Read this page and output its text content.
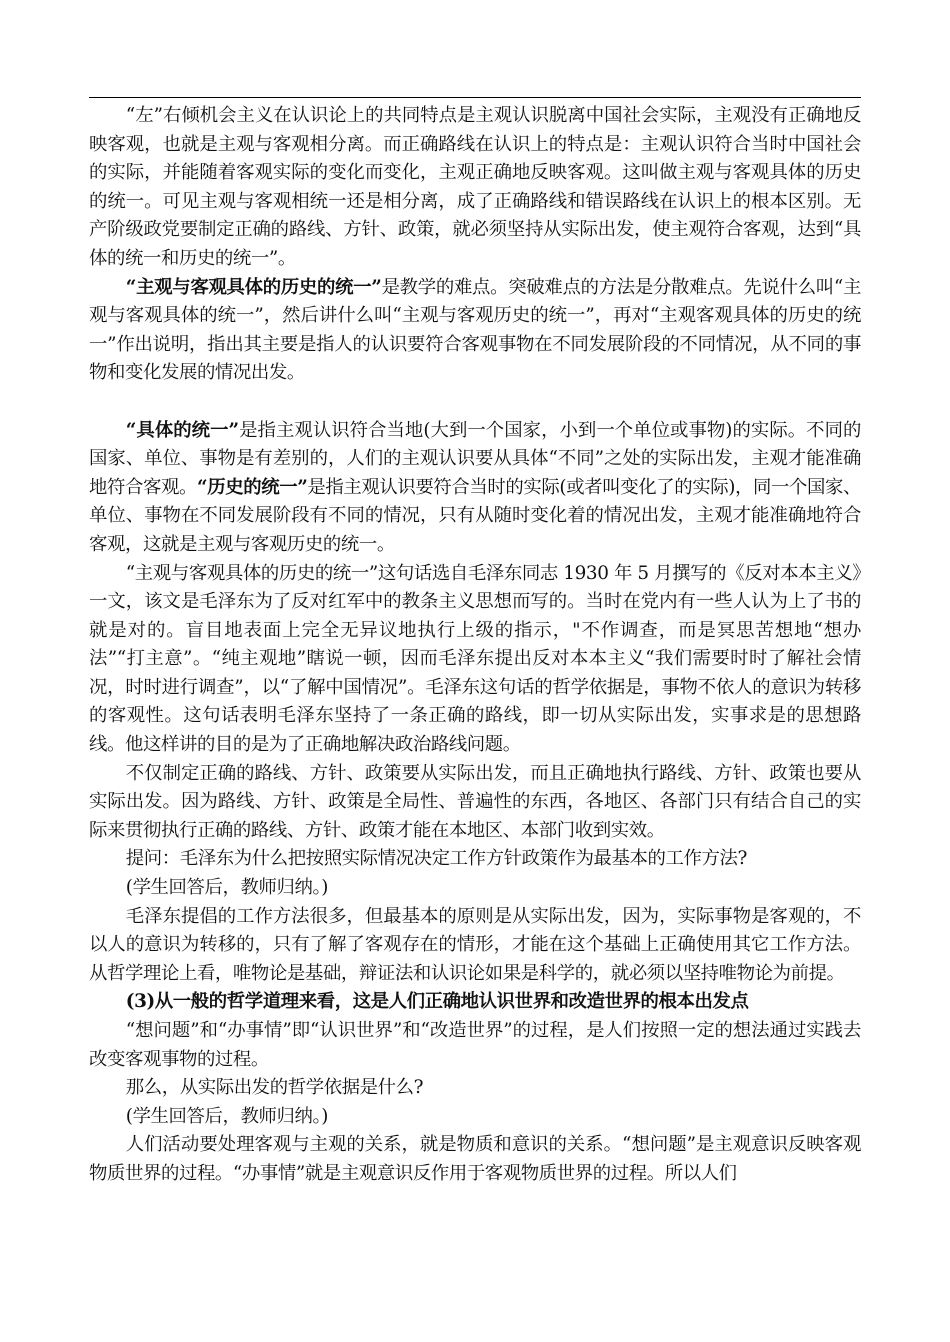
“左”右倾机会主义在认识论上的共同特点是主观认识脱离中国社会实际，主观没有正确地反映客观，也就是主观与客观相分离。而正确路线在认识上的特点是：主观认识符合当时中国社会的实际，并能随着客观实际的变化而变化，主观正确地反映客观。这叫做主观与客观具体的历史的统一。可见主观与客观相统一还是相分离，成了正确路线和错误路线在认识上的根本区别。无产阶级政党要制定正确的路线、方针、政策，就必须坚持从实际出发，使主观符合客观，达到“具体的统一和历史的统一”。

“主观与客观具体的历史的统一”是教学的难点。突破难点的方法是分散难点。先说什么叫“主观与客观具体的统一”，然后讲什么叫“主观与客观历史的统一”，再对“主观客观具体的历史的统一”作出说明，指出其主要是指人的认识要符合客观事物在不同发展阶段的不同情况，从不同的事物和变化发展的情况出发。

“具体的统一”是指主观认识符合当地(大到一个国家，小到一个单位或事物)的实际。不同的国家、单位、事物是有差别的，人们的主观认识要从具体“不同”之处的实际出发，主观才能准确地符合客观。“历史的统一”是指主观认识要符合当时的实际(或者叫变化了的实际)，同一个国家、单位、事物在不同发展阶段有不同的情况，只有从随时变化着的情况出发，主观才能准确地符合客观，这就是主观与客观历史的统一。

“主观与客观具体的历史的统一”这句话选自毛泽东同志 1930 年 5 月撰写的《反对本本主义》一文，该文是毛泽东为了反对红军中的教条主义思想而写的。当时在党内有一些人认为上了书的就是对的。盲目地表面上完全无异议地执行上级的指示，"不作调查，而是冥思苦想地“想办法”“打主意”。“纯主观地”瞎说一顿，因而毛泽东提出反对本本主义“我们需要时时了解社会情况，时时进行调查”，以“了解中国情况”。毛泽东这句话的哲学依据是，事物不依人的意识为转移的客观性。这句话表明毛泽东坚持了一条正确的路线，即一切从实际出发，实事求是的思想路线。他这样讲的目的是为了正确地解决政治路线问题。

不仅制定正确的路线、方针、政策要从实际出发，而且正确地执行路线、方针、政策也要从实际出发。因为路线、方针、政策是全局性、普遍性的东西，各地区、各部门只有结合自己的实际来贯彻执行正确的路线、方针、政策才能在本地区、本部门收到实效。

提问：毛泽东为什么把按照实际情况决定工作方针政策作为最基本的工作方法?

(学生回答后，教师归纳。)

毛泽东提倡的工作方法很多，但最基本的原则是从实际出发，因为，实际事物是客观的，不以人的意识为转移的，只有了解了客观存在的情形，才能在这个基础上正确使用其它工作方法。从哲学理论上看，唯物论是基础，辩证法和认识论如果是科学的，就必须以坚持唯物论为前提。

(3)从一般的哲学道理来看，这是人们正确地认识世界和改造世界的根本出发点

“想问题”和“办事情”即“认识世界”和“改造世界”的过程，是人们按照一定的想法通过实践去改变客观事物的过程。

那么，从实际出发的哲学依据是什么?

(学生回答后，教师归纳。)

人们活动要处理客观与主观的关系，就是物质和意识的关系。“想问题”是主观意识反映客观物质世界的过程。“办事情”就是主观意识反作用于客观物质世界的过程。所以人们
